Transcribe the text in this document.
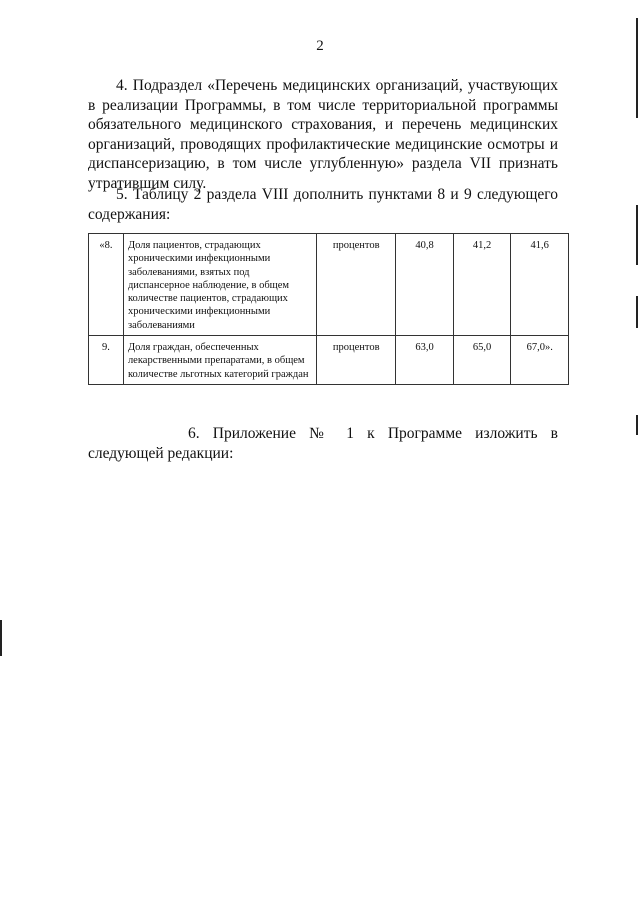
2
4. Подраздел «Перечень медицинских организаций, участвующих в реализации Программы, в том числе территориальной программы обязательного медицинского страхования, и перечень медицинских организаций, проводящих профилактические медицинские осмотры и диспансеризацию, в том числе углубленную» раздела VII признать утратившим силу.
5. Таблицу 2 раздела VIII дополнить пунктами 8 и 9 следующего содержания:
«8.	Доля пациентов, страдающих хроническими инфекционными заболеваниями, взятых под диспансерное наблюдение, в общем количестве пациентов, страдающих хроническими инфекционными заболеваниями	процентов	40,8	41,2	41,6
9.	Доля граждан, обеспеченных лекарственными препаратами, в общем количестве льготных категорий граждан	процентов	63,0	65,0	67,0».
6. Приложение № 1 к Программе изложить в следующей редакции:
